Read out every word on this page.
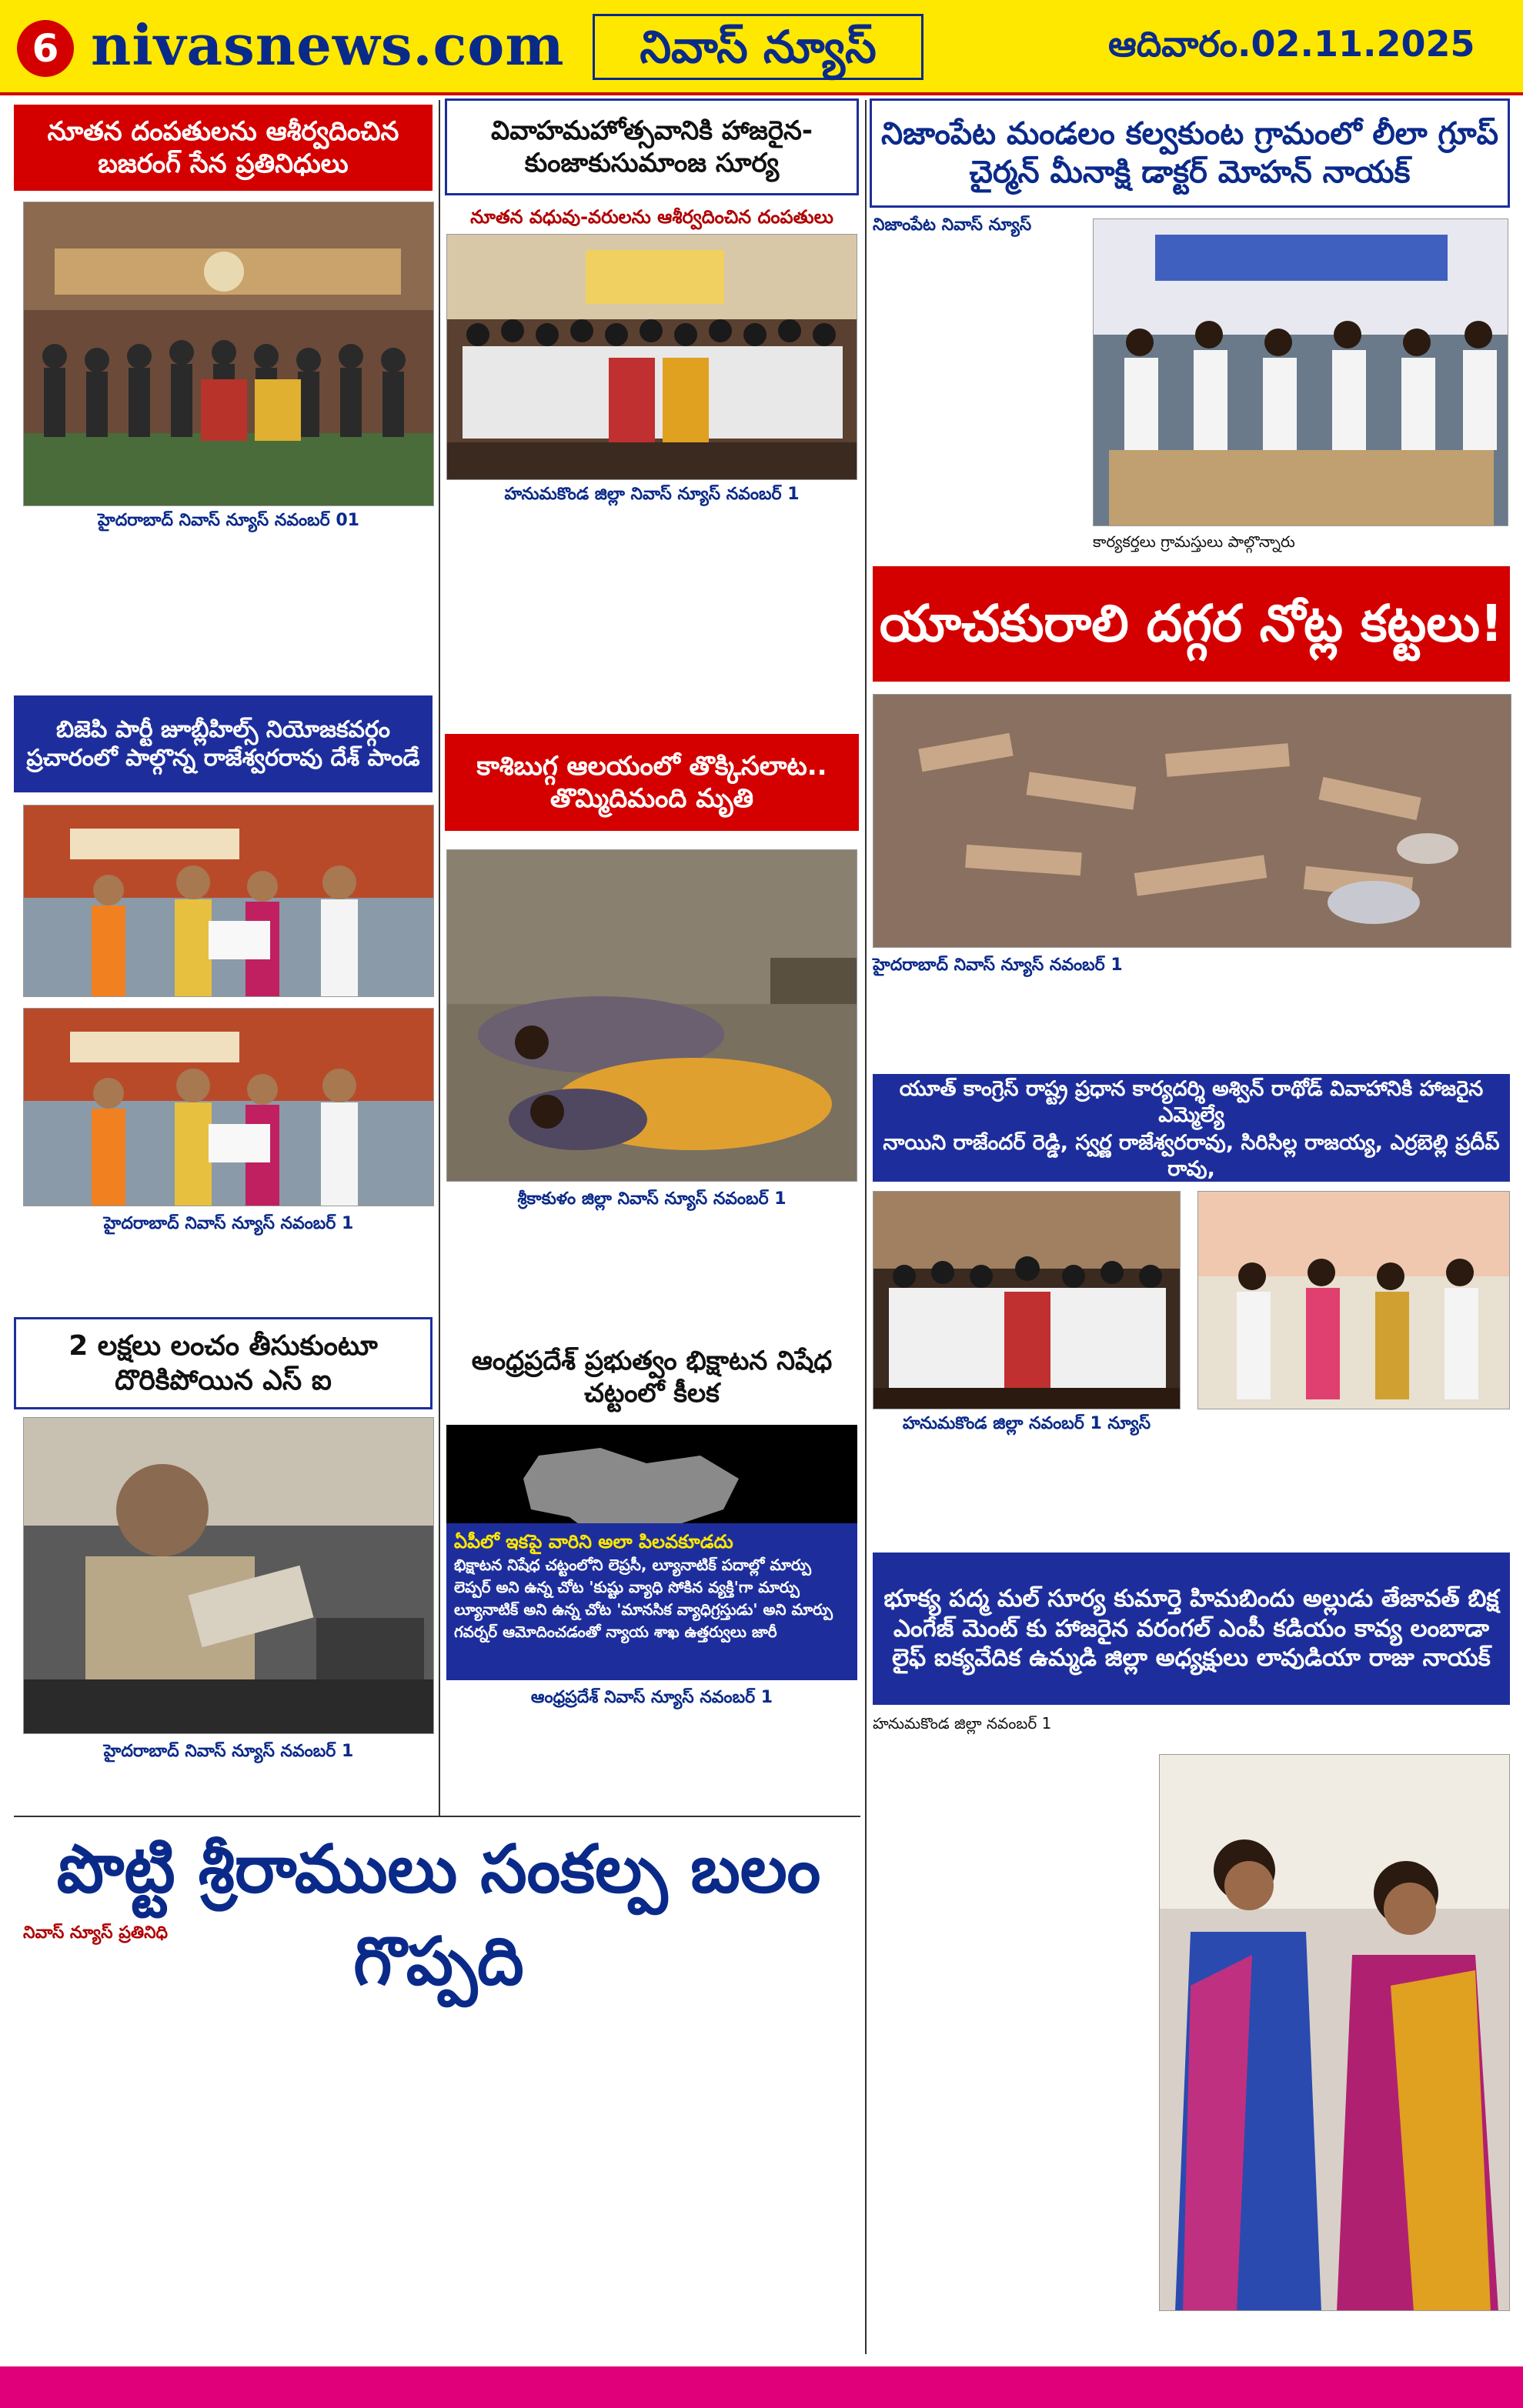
6 nivasnews.com	నివాస్ న్యూస్	ఆదివారం.02.11.2025
నూతన దంపతులను ఆశీర్వదించిన బజరంగ్ సేన ప్రతినిధులు
హైదరాబాద్ నివాస్ న్యూస్ నవంబర్ 01
బిజెపి పార్టీ జూబ్లీహిల్స్ నియోజకవర్గం ప్రచారంలో పాల్గొన్న రాజేశ్వరరావు దేశ్ పాండే
హైదరాబాద్ నివాస్ న్యూస్ నవంబర్ 1
2 లక్షలు లంచం తీసుకుంటూ దొరికిపోయిన ఎస్ ఐ
హైదరాబాద్ నివాస్ న్యూస్ నవంబర్ 1
వివాహమహోత్సవానికి హాజరైన- కుంజాకుసుమాంజ సూర్య
నూతన వధువు-వరులను ఆశీర్వదించిన దంపతులు
హనుమకొండ జిల్లా నివాస్ న్యూస్ నవంబర్ 1
కాశిబుగ్గ ఆలయంలో తొక్కిసలాట.. తొమ్మిదిమంది మృతి
శ్రీకాకుళం జిల్లా నివాస్ న్యూస్ నవంబర్ 1
ఆంధ్రప్రదేశ్ ప్రభుత్వం భిక్షాటన నిషేధ చట్టంలో కీలక
ఏపీలో ఇకపై వారిని అలా పిలవకూడదు
భిక్షాటన నిషేధ చట్టంలోని లెప్రసీ, ల్యూనాటిక్ పదాల్లో మార్పు
లెప్పర్ అని ఉన్న చోట 'కుష్టు వ్యాధి సోకిన వ్యక్తి'గా మార్పు
ల్యూనాటిక్ అని ఉన్న చోట 'మానసిక వ్యాధిగ్రస్తుడు' అని మార్పు
గవర్నర్ ఆమోదించడంతో న్యాయ శాఖ ఉత్తర్వులు జారీ
ఆంధ్రప్రదేశ్ నివాస్ న్యూస్ నవంబర్ 1
నిజాంపేట మండలం కల్వకుంట గ్రామంలో లీలా గ్రూప్ చైర్మన్ మీనాక్షి డాక్టర్ మోహన్ నాయక్
నిజాంపేట నివాస్ న్యూస్
కార్యకర్తలు గ్రామస్తులు పాల్గొన్నారు
యాచకురాలి దగ్గర నోట్ల కట్టలు!
హైదరాబాద్ నివాస్ న్యూస్ నవంబర్ 1
యూత్ కాంగ్రెస్ రాష్ట్ర ప్రధాన కార్యదర్శి అశ్విన్ రాథోడ్ వివాహానికి హాజరైన ఎమ్మెల్యే
నాయిని రాజేందర్ రెడ్డి, స్వర్ణ రాజేశ్వరరావు, సిరిసిల్ల రాజయ్య, ఎర్రబెల్లి ప్రదీప్ రావు,
హనుమకొండ జిల్లా నవంబర్ 1 న్యూస్
భూక్య పద్మ మల్ సూర్య కుమార్తె హిమబిందు అల్లుడు తేజావత్ బిక్ష ఎంగేజ్ మెంట్ కు హాజరైన వరంగల్ ఎంపీ కడియం కావ్య లంబాడా లైఫ్ ఐక్యవేదిక ఉమ్మడి జిల్లా అధ్యక్షులు లావుడియా రాజు నాయక్
హనుమకొండ జిల్లా నవంబర్ 1
పొట్టి శ్రీరాములు సంకల్ప బలం గొప్పది
నివాస్ న్యూస్ ప్రతినిధి
